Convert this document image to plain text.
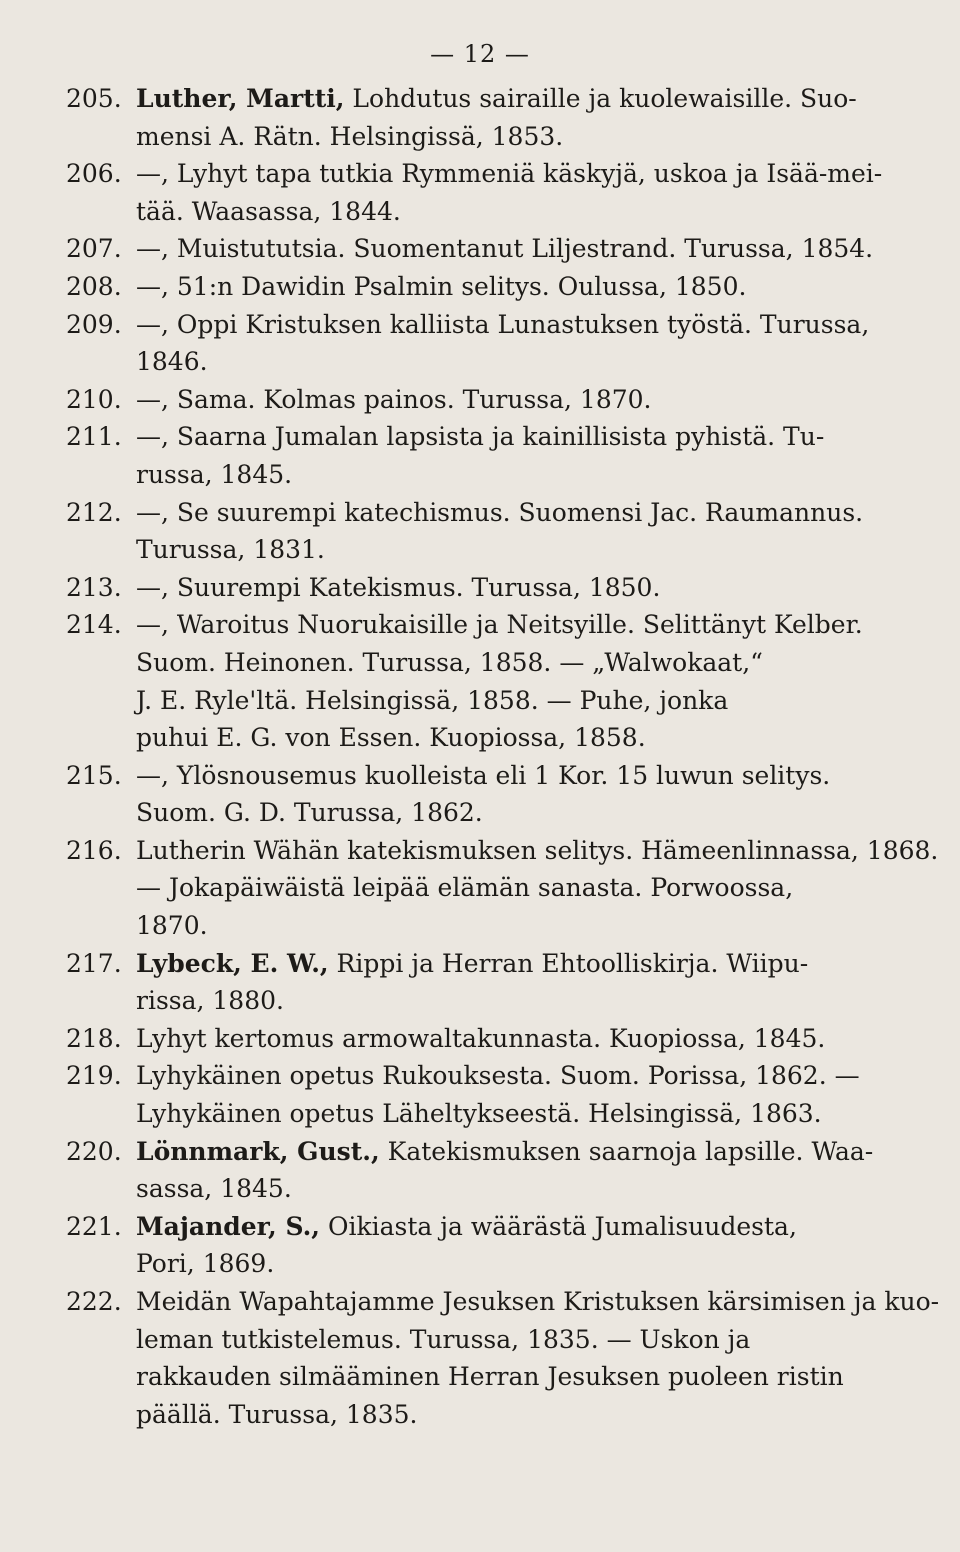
— 12 —
205. Luther, Martti, Lohdutus sairaille ja kuolewaisille. Suo-
mensi A. Rätn. Helsingissä, 1853.
206. —, Lyhyt tapa tutkia Rymmeniä käskyjä, uskoa ja Isää-mei-
tää. Waasassa, 1844.
207. —, Muistututsia. Suomentanut Liljestrand. Turussa, 1854.
208. —, 51:n Dawidin Psalmin selitys. Oulussa, 1850.
209. —, Oppi Kristuksen kalliista Lunastuksen työstä. Turussa,
1846.
210. —, Sama. Kolmas painos. Turussa, 1870.
211. —, Saarna Jumalan lapsista ja kainillisista pyhistä. Tu-
russa, 1845.
212. —, Se suurempi katechismus. Suomensi Jac. Raumannus.
Turussa, 1831.
213. —, Suurempi Katekismus. Turussa, 1850.
214. —, Waroitus Nuorukaisille ja Neitsyille. Selittänyt Kelber.
Suom. Heinonen. Turussa, 1858. — „Walwokaat,“
J. E. Ryle'ltä. Helsingissä, 1858. — Puhe, jonka
puhui E. G. von Essen. Kuopiossa, 1858.
215. —, Ylösnousemus kuolleista eli 1 Kor. 15 luwun selitys.
Suom. G. D. Turussa, 1862.
216. Lutherin Wähän katekismuksen selitys. Hämeenlinnassa, 1868.
— Jokapäiwäistä leipää elämän sanasta. Porwoossa,
1870.
217. Lybeck, E. W., Rippi ja Herran Ehtoolliskirja. Wiipu-
rissa, 1880.
218. Lyhyt kertomus armowaltakunnasta. Kuopiossa, 1845.
219. Lyhykäinen opetus Rukouksesta. Suom. Porissa, 1862. —
Lyhykäinen opetus Läheltykseestä. Helsingissä, 1863.
220. Lönnmark, Gust., Katekismuksen saarnoja lapsille. Waa-
sassa, 1845.
221. Majander, S., Oikiasta ja wäärästä Jumalisuudesta,
Pori, 1869.
222. Meidän Wapahtajamme Jesuksen Kristuksen kärsimisen ja kuo-
leman tutkistelemus. Turussa, 1835. — Uskon ja
rakkauden silmääminen Herran Jesuksen puoleen ristin
päällä. Turussa, 1835.
